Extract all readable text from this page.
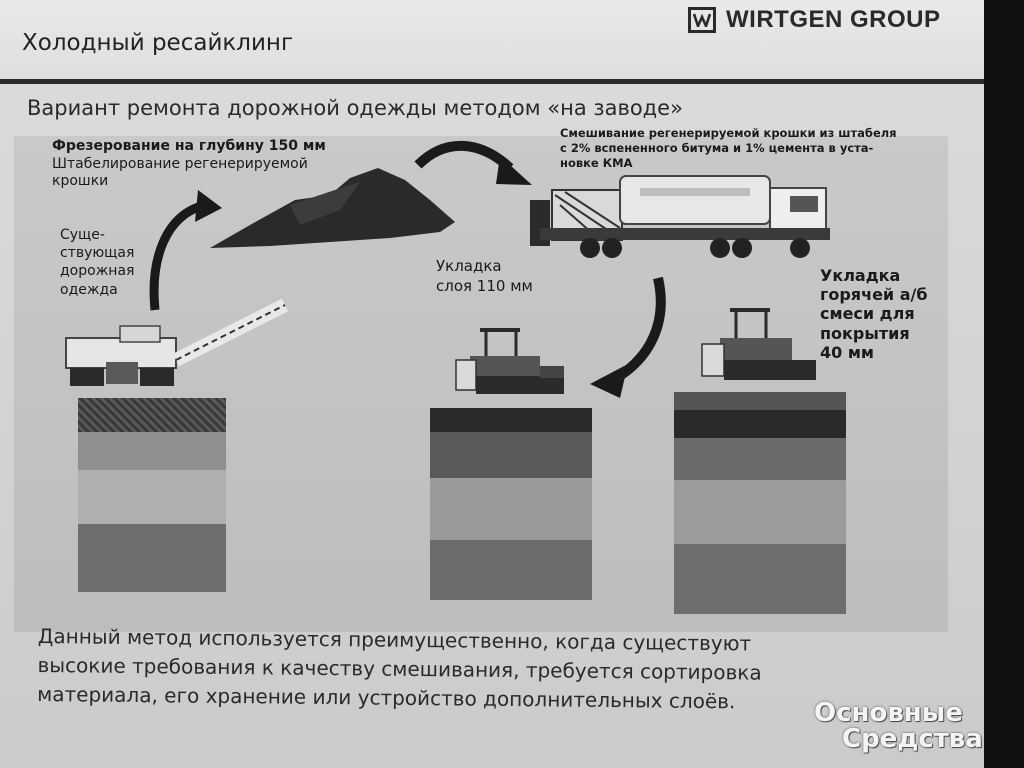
Холодный ресайклинг
WIRTGEN GROUP
Вариант ремонта дорожной одежды методом «на заводе»
Фрезерование на глубину 150 мм
Штабелирование регенерируемой
крошки
Суще-
ствующая
дорожная
одежда
Смешивание регенерируемой крошки из штабеля
с 2% вспененного битума и 1% цемента в уста-
новке КМА
Укладка
слоя 110 мм
Укладка
горячей а/б
смеси для
покрытия
40 мм
Данный метод используется преимущественно, когда существуют
высокие требования к качеству смешивания, требуется сортировка
материала, его хранение или устройство дополнительных слоёв.	Основные
Средства
